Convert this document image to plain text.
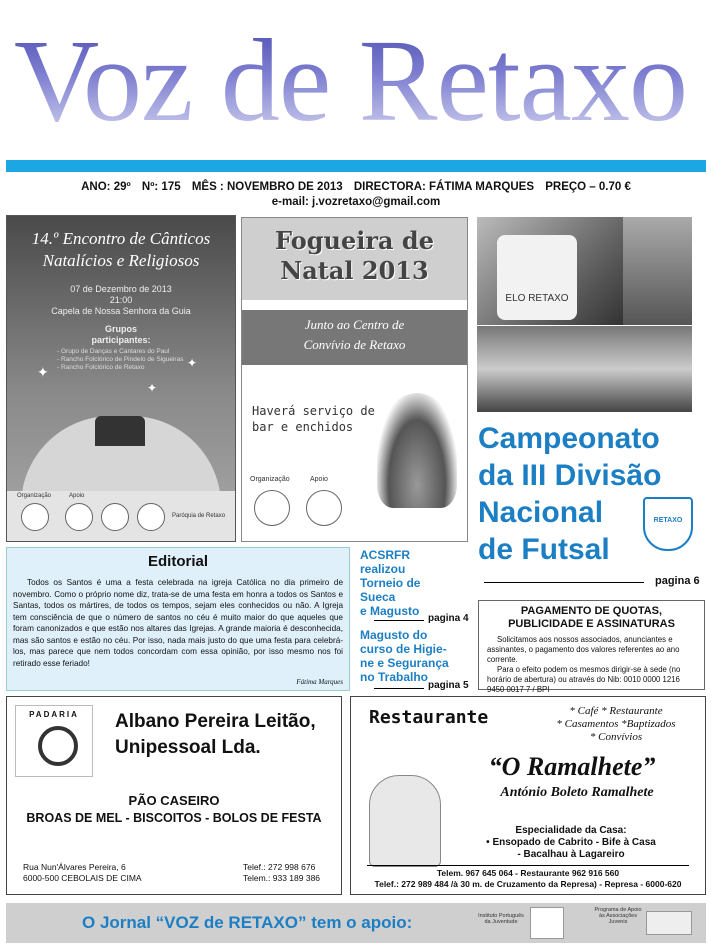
Voz de Retaxo
ANO: 29º Nº: 175 MÊS : NOVEMBRO DE 2013 DIRECTORA: FÁTIMA MARQUES PREÇO – 0.70 €
e-mail: j.vozretaxo@gmail.com
14.º Encontro de Cânticos
Natalícios e Religiosos
07 de Dezembro de 2013
21:00
Capela de Nossa Senhora da Guia
Grupos
participantes:
- Grupo de Danças e Cantares do Paul
- Rancho Folclórico de Pindelo de Sigueiras
- Rancho Folclórico de Retaxo
✦
✦
✦
Organização	Apoio
Paróquia de Retaxo
Fogueira de
Natal 2013
Junto ao Centro de
Convívio de Retaxo
Haverá serviço de
bar e enchidos
Organização	Apoio
ELO RETAXO
Campeonato
da III Divisão
Nacional
de Futsal
RETAXO
pagina 6
Editorial
Todos os Santos é uma a festa celebrada na igreja Católica no dia primeiro de novembro. Como o próprio nome diz, trata-se de uma festa em honra a todos os Santos e Santas, todos os mártires, de todos os tempos, sejam eles conhecidos ou não. A Igreja tem consciência de que o número de santos no céu é muito maior do que aqueles que foram canonizados e que estão nos altares das Igrejas. A grande maioria é desconhecida, mas são santos e estão no céu. Por isso, nada mais justo do que uma festa para celebrá-los, mas parece que nem todos concordam com essa opinião, por isso mesmo nos foi retirado esse feriado!
Fátima Marques
ACSRFR
realizou
Torneio de
Sueca
e Magusto
pagina 4
Magusto do
curso de Higie-
ne e Segurança
no Trabalho
pagina 5
PAGAMENTO DE QUOTAS,
PUBLICIDADE E ASSINATURAS
Solicitamos aos nossos associados, anunciantes e assinantes, o pagamento dos valores referentes ao ano corrente.
Para o efeito podem os mesmos dirigir-se à sede (no horário de abertura) ou através do Nib: 0010 0000 1216 9450 0017 7 / BPI
PADARIA	Albano Pereira Leitão,
Unipessoal Lda.
PÃO CASEIRO
BROAS DE MEL - BISCOITOS - BOLOS DE FESTA
Rua Nun'Álvares Pereira, 6
6000-500 CEBOLAIS DE CIMA
Telef.: 272 998 676
Telem.: 933 189 386
Restaurante	* Café * Restaurante
* Casamentos *Baptizados
* Convívios
“O Ramalhete”
António Boleto Ramalhete
Especialidade da Casa:
• Ensopado de Cabrito - Bife à Casa
- Bacalhau à Lagareiro
Telem. 967 645 064 - Restaurante 962 916 560
Telef.: 272 989 484 /à 30 m. de Cruzamento da Represa) - Represa - 6000-620
O Jornal “VOZ de RETAXO” tem o apoio:	Instituto Português da Juventude
Programa de Apoio às Associações Juvenis
